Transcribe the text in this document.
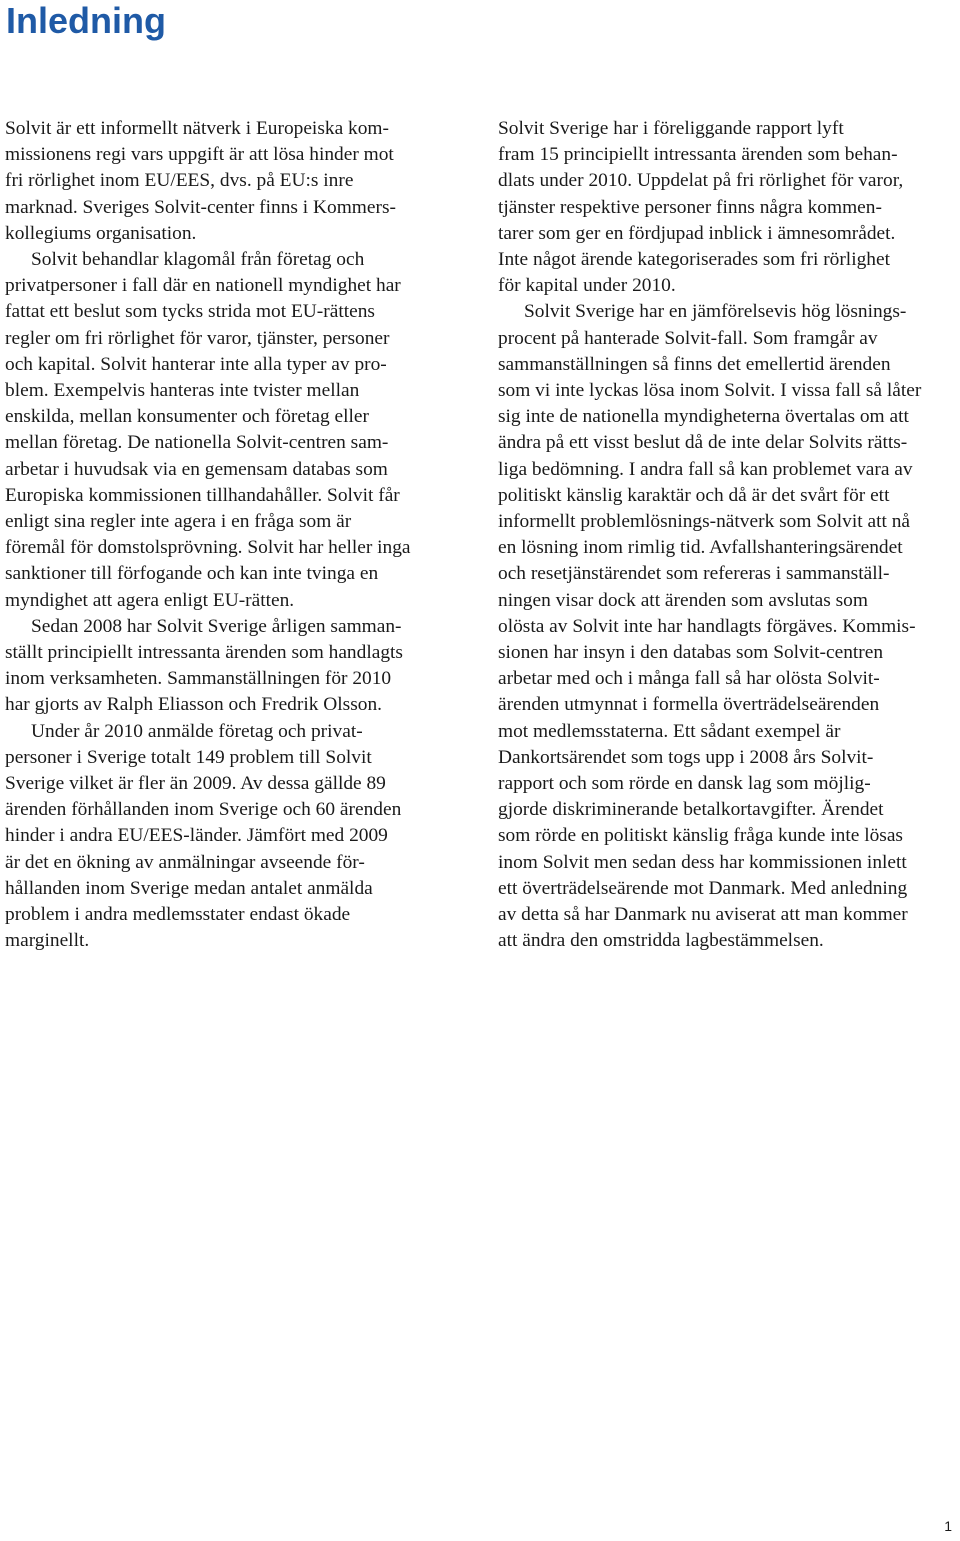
Inledning
Solvit är ett informellt nätverk i Europeiska kom-
missionens regi vars uppgift är att lösa hinder mot
fri rörlighet inom EU/EES, dvs. på EU:s inre
marknad. Sveriges Solvit-center finns i Kommers-
kollegiums organisation.
Solvit behandlar klagomål från företag och
privatpersoner i fall där en nationell myndighet har
fattat ett beslut som tycks strida mot EU-rättens
regler om fri rörlighet för varor, tjänster, personer
och kapital. Solvit hanterar inte alla typer av pro-
blem. Exempelvis hanteras inte tvister mellan
enskilda, mellan konsumenter och företag eller
mellan företag. De nationella Solvit-centren sam-
arbetar i huvudsak via en gemensam databas som
Europiska kommissionen tillhandahåller. Solvit får
enligt sina regler inte agera i en fråga som är
föremål för domstolsprövning. Solvit har heller inga
sanktioner till förfogande och kan inte tvinga en
myndighet att agera enligt EU-rätten.
Sedan 2008 har Solvit Sverige årligen samman-
ställt principiellt intressanta ärenden som handlagts
inom verksamheten. Sammanställningen för 2010
har gjorts av Ralph Eliasson och Fredrik Olsson.
Under år 2010 anmälde företag och privat-
personer i Sverige totalt 149 problem till Solvit
Sverige vilket är fler än 2009. Av dessa gällde 89
ärenden förhållanden inom Sverige och 60 ärenden
hinder i andra EU/EES-länder. Jämfört med 2009
är det en ökning av anmälningar avseende för-
hållanden inom Sverige medan antalet anmälda
problem i andra medlemsstater endast ökade
marginellt.
Solvit Sverige har i föreliggande rapport lyft
fram 15 principiellt intressanta ärenden som behan-
dlats under 2010. Uppdelat på fri rörlighet för varor,
tjänster respektive personer finns några kommen-
tarer som ger en fördjupad inblick i ämnesområdet.
Inte något ärende kategoriserades som fri rörlighet
för kapital under 2010.
Solvit Sverige har en jämförelsevis hög lösnings-
procent på hanterade Solvit-fall. Som framgår av
sammanställningen så finns det emellertid ärenden
som vi inte lyckas lösa inom Solvit. I vissa fall så låter
sig inte de nationella myndigheterna övertalas om att
ändra på ett visst beslut då de inte delar Solvits rätts-
liga bedömning. I andra fall så kan problemet vara av
politiskt känslig karaktär och då är det svårt för ett
informellt problemlösnings-nätverk som Solvit att nå
en lösning inom rimlig tid. Avfallshanteringsärendet
och resetjänstärendet som refereras i sammanställ-
ningen visar dock att ärenden som avslutas som
olösta av Solvit inte har handlagts förgäves. Kommis-
sionen har insyn i den databas som Solvit-centren
arbetar med och i många fall så har olösta Solvit-
ärenden utmynnat i formella överträdelseärenden
mot medlemsstaterna. Ett sådant exempel är
Dankortsärendet som togs upp i 2008 års Solvit-
rapport och som rörde en dansk lag som möjlig-
gjorde diskriminerande betalkortavgifter. Ärendet
som rörde en politiskt känslig fråga kunde inte lösas
inom Solvit men sedan dess har kommissionen inlett
ett överträdelseärende mot Danmark. Med anledning
av detta så har Danmark nu aviserat att man kommer
att ändra den omstridda lagbestämmelsen.
1
